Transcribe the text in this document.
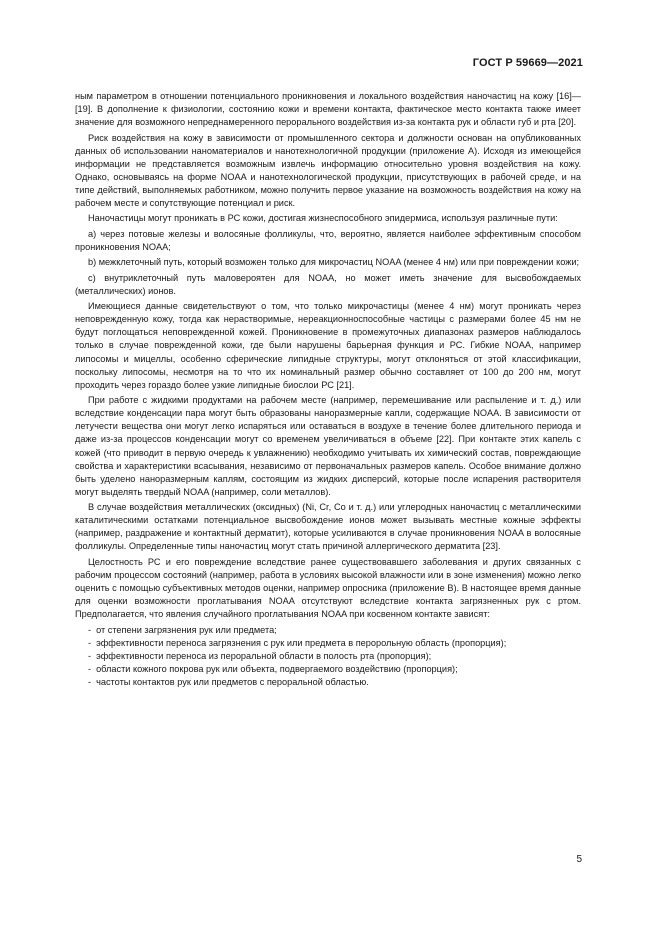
ГОСТ Р 59669—2021

ным параметром в отношении потенциального проникновения и локального воздействия наночастиц на кожу [16]—[19]. В дополнение к физиологии, состоянию кожи и времени контакта, фактическое место контакта также имеет значение для возможного непреднамеренного перорального воздействия из-за контакта рук и области губ и рта [20].

Риск воздействия на кожу в зависимости от промышленного сектора и должности основан на опубликованных данных об использовании наноматериалов и нанотехнологичной продукции (приложение А). Исходя из имеющейся информации не представляется возможным извлечь информацию относительно уровня воздействия на кожу. Однако, основываясь на форме NOAA и нанотехнологической продукции, присутствующих в рабочей среде, и на типе действий, выполняемых работником, можно получить первое указание на возможность воздействия на кожу на рабочем месте и сопутствующие потенциал и риск.

Наночастицы могут проникать в РС кожи, достигая жизнеспособного эпидермиса, используя различные пути:

a) через потовые железы и волосяные фолликулы, что, вероятно, является наиболее эффективным способом проникновения NOAA;

b) межклеточный путь, который возможен только для микрочастиц NOAA (менее 4 нм) или при повреждении кожи;

c) внутриклеточный путь маловероятен для NOAA, но может иметь значение для высвобождаемых (металлических) ионов.

Имеющиеся данные свидетельствуют о том, что только микрочастицы (менее 4 нм) могут проникать через неповрежденную кожу, тогда как нерастворимые, нереакционноспособные частицы с размерами более 45 нм не будут поглощаться неповрежденной кожей. Проникновение в промежуточных диапазонах размеров наблюдалось только в случае поврежденной кожи, где были нарушены барьерная функция и РС. Гибкие NOAA, например липосомы и мицеллы, особенно сферические липидные структуры, могут отклоняться от этой классификации, поскольку липосомы, несмотря на то что их номинальный размер обычно составляет от 100 до 200 нм, могут проходить через гораздо более узкие липидные биослои РС [21].

При работе с жидкими продуктами на рабочем месте (например, перемешивание или распыление и т. д.) или вследствие конденсации пара могут быть образованы наноразмерные капли, содержащие NOAA. В зависимости от летучести вещества они могут легко испаряться или оставаться в воздухе в течение более длительного периода и даже из-за процессов конденсации могут со временем увеличиваться в объеме [22]. При контакте этих капель с кожей (что приводит в первую очередь к увлажнению) необходимо учитывать их химический состав, повреждающие свойства и характеристики всасывания, независимо от первоначальных размеров капель. Особое внимание должно быть уделено наноразмерным каплям, состоящим из жидких дисперсий, которые после испарения растворителя могут выделять твердый NOAA (например, соли металлов).

В случае воздействия металлических (оксидных) (Ni, Cr, Co и т. д.) или углеродных наночастиц с металлическими каталитическими остатками потенциальное высвобождение ионов может вызывать местные кожные эффекты (например, раздражение и контактный дерматит), которые усиливаются в случае проникновения NOAA в волосяные фолликулы. Определенные типы наночастиц могут стать причиной аллергического дерматита [23].

Целостность РС и его повреждение вследствие ранее существовавшего заболевания и других связанных с рабочим процессом состояний (например, работа в условиях высокой влажности или в зоне изменения) можно легко оценить с помощью субъективных методов оценки, например опросника (приложение В). В настоящее время данные для оценки возможности проглатывания NOAA отсутствуют вследствие контакта загрязненных рук с ртом. Предполагается, что явления случайного проглатывания NOAA при косвенном контакте зависят:

- от степени загрязнения рук или предмета;
- эффективности переноса загрязнения с рук или предмета в перорольную область (пропорция);
- эффективности переноса из пероральной области в полость рта (пропорция);
- области кожного покрова рук или объекта, подвергаемого воздействию (пропорция);
- частоты контактов рук или предметов с пероральной областью.
5
